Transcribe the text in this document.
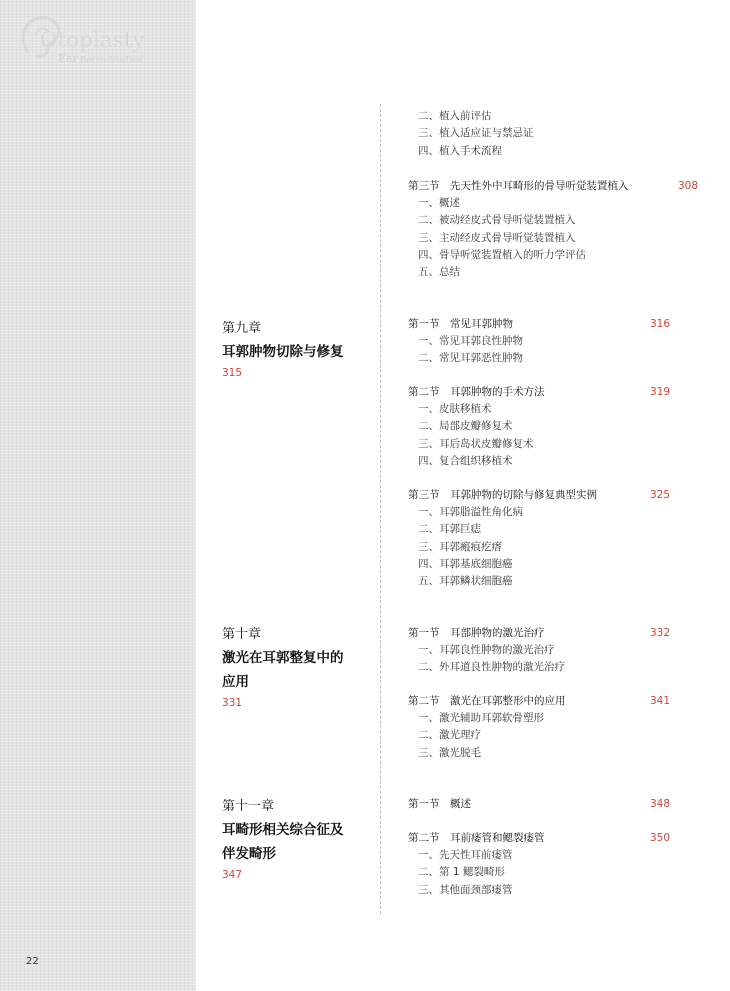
Otoplasty
Ear Reconstruction
22
二、植入前评估
三、植入适应证与禁忌证
四、植入手术流程
第九章
耳郭肿物切除与修复
315
第十章
激光在耳郭整复中的应用
331
第十一章
耳畸形相关综合征及伴发畸形
347
第三节　先天性外中耳畸形的骨导听觉装置植入	308
一、概述
二、被动经皮式骨导听觉装置植入
三、主动经皮式骨导听觉装置植入
四、骨导听觉装置植入的听力学评估
五、总结
第一节　常见耳郭肿物	316
一、常见耳郭良性肿物
二、常见耳郭恶性肿物
第二节　耳郭肿物的手术方法	319
一、皮肤移植术
二、局部皮瓣修复术
三、耳后岛状皮瓣修复术
四、复合组织移植术
第三节　耳郭肿物的切除与修复典型实例	325
一、耳郭脂溢性角化病
二、耳郭巨痣
三、耳郭瘢痕疙瘩
四、耳郭基底细胞癌
五、耳郭鳞状细胞癌
第一节　耳部肿物的激光治疗	332
一、耳郭良性肿物的激光治疗
二、外耳道良性肿物的激光治疗
第二节　激光在耳郭整形中的应用	341
一、激光辅助耳郭软骨塑形
二、激光理疗
三、激光脱毛
第一节　概述	348
第二节　耳前瘘管和鳃裂瘘管	350
一、先天性耳前瘘管
二、第 1 鳃裂畸形
三、其他面颈部瘘管
